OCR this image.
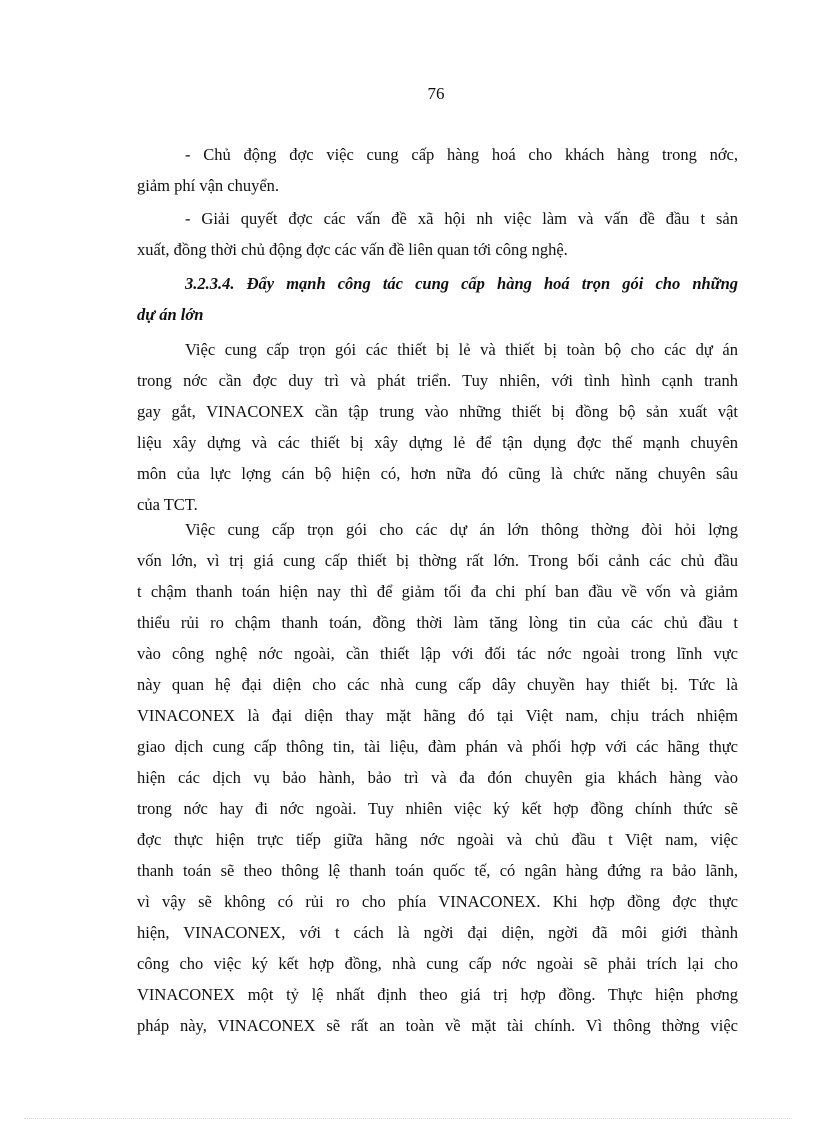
76
- Chủ động đợc việc cung cấp hàng hoá cho khách hàng trong nớc,
giảm phí vận chuyển.
- Giải quyết đợc các vấn đề xã hội nh việc làm và vấn đề đầu t sản
xuất, đồng thời chủ động đợc các vấn đề liên quan tới công nghệ.
3.2.3.4. Đẩy mạnh công tác cung cấp hàng hoá trọn gói cho những
dự án lớn
Việc cung cấp trọn gói các thiết bị lẻ và thiết bị toàn bộ cho các dự án
trong nớc cần đợc duy trì và phát triển. Tuy nhiên, với tình hình cạnh tranh
gay gắt, VINACONEX cần tập trung vào những thiết bị đồng bộ sản xuất vật
liệu xây dựng và các thiết bị xây dựng lẻ để tận dụng đợc thế mạnh chuyên
môn của lực lợng cán bộ hiện có, hơn nữa đó cũng là chức năng chuyên sâu
của TCT.
Việc cung cấp trọn gói cho các dự án lớn thông thờng đòi hỏi lợng
vốn lớn, vì trị giá cung cấp thiết bị thờng rất lớn. Trong bối cảnh các chủ đầu
t chậm thanh toán hiện nay thì để giảm tối đa chi phí ban đầu về vốn và giảm
thiểu rủi ro chậm thanh toán, đồng thời làm tăng lòng tin của các chủ đầu t
vào công nghệ nớc ngoài, cần thiết lập với đối tác nớc ngoài trong lĩnh vực
này quan hệ đại diện cho các nhà cung cấp dây chuyền hay thiết bị. Tức là
VINACONEX là đại diện thay mặt hãng đó tại Việt nam, chịu trách nhiệm
giao dịch cung cấp thông tin, tài liệu, đàm phán và phối hợp với các hãng thực
hiện các dịch vụ bảo hành, bảo trì và đa đón chuyên gia khách hàng vào
trong nớc hay đi nớc ngoài. Tuy nhiên việc ký kết hợp đồng chính thức sẽ
đợc thực hiện trực tiếp giữa hãng nớc ngoài và chủ đầu t Việt nam, việc
thanh toán sẽ theo thông lệ thanh toán quốc tế, có ngân hàng đứng ra bảo lãnh,
vì vậy sẽ không có rủi ro cho phía VINACONEX. Khi hợp đồng đợc thực
hiện, VINACONEX, với t cách là ngời đại diện, ngời đã môi giới thành
công cho việc ký kết hợp đồng, nhà cung cấp nớc ngoài sẽ phải trích lại cho
VINACONEX một tỷ lệ nhất định theo giá trị hợp đồng. Thực hiện phơng
pháp này, VINACONEX sẽ rất an toàn về mặt tài chính. Vì thông thờng việc
